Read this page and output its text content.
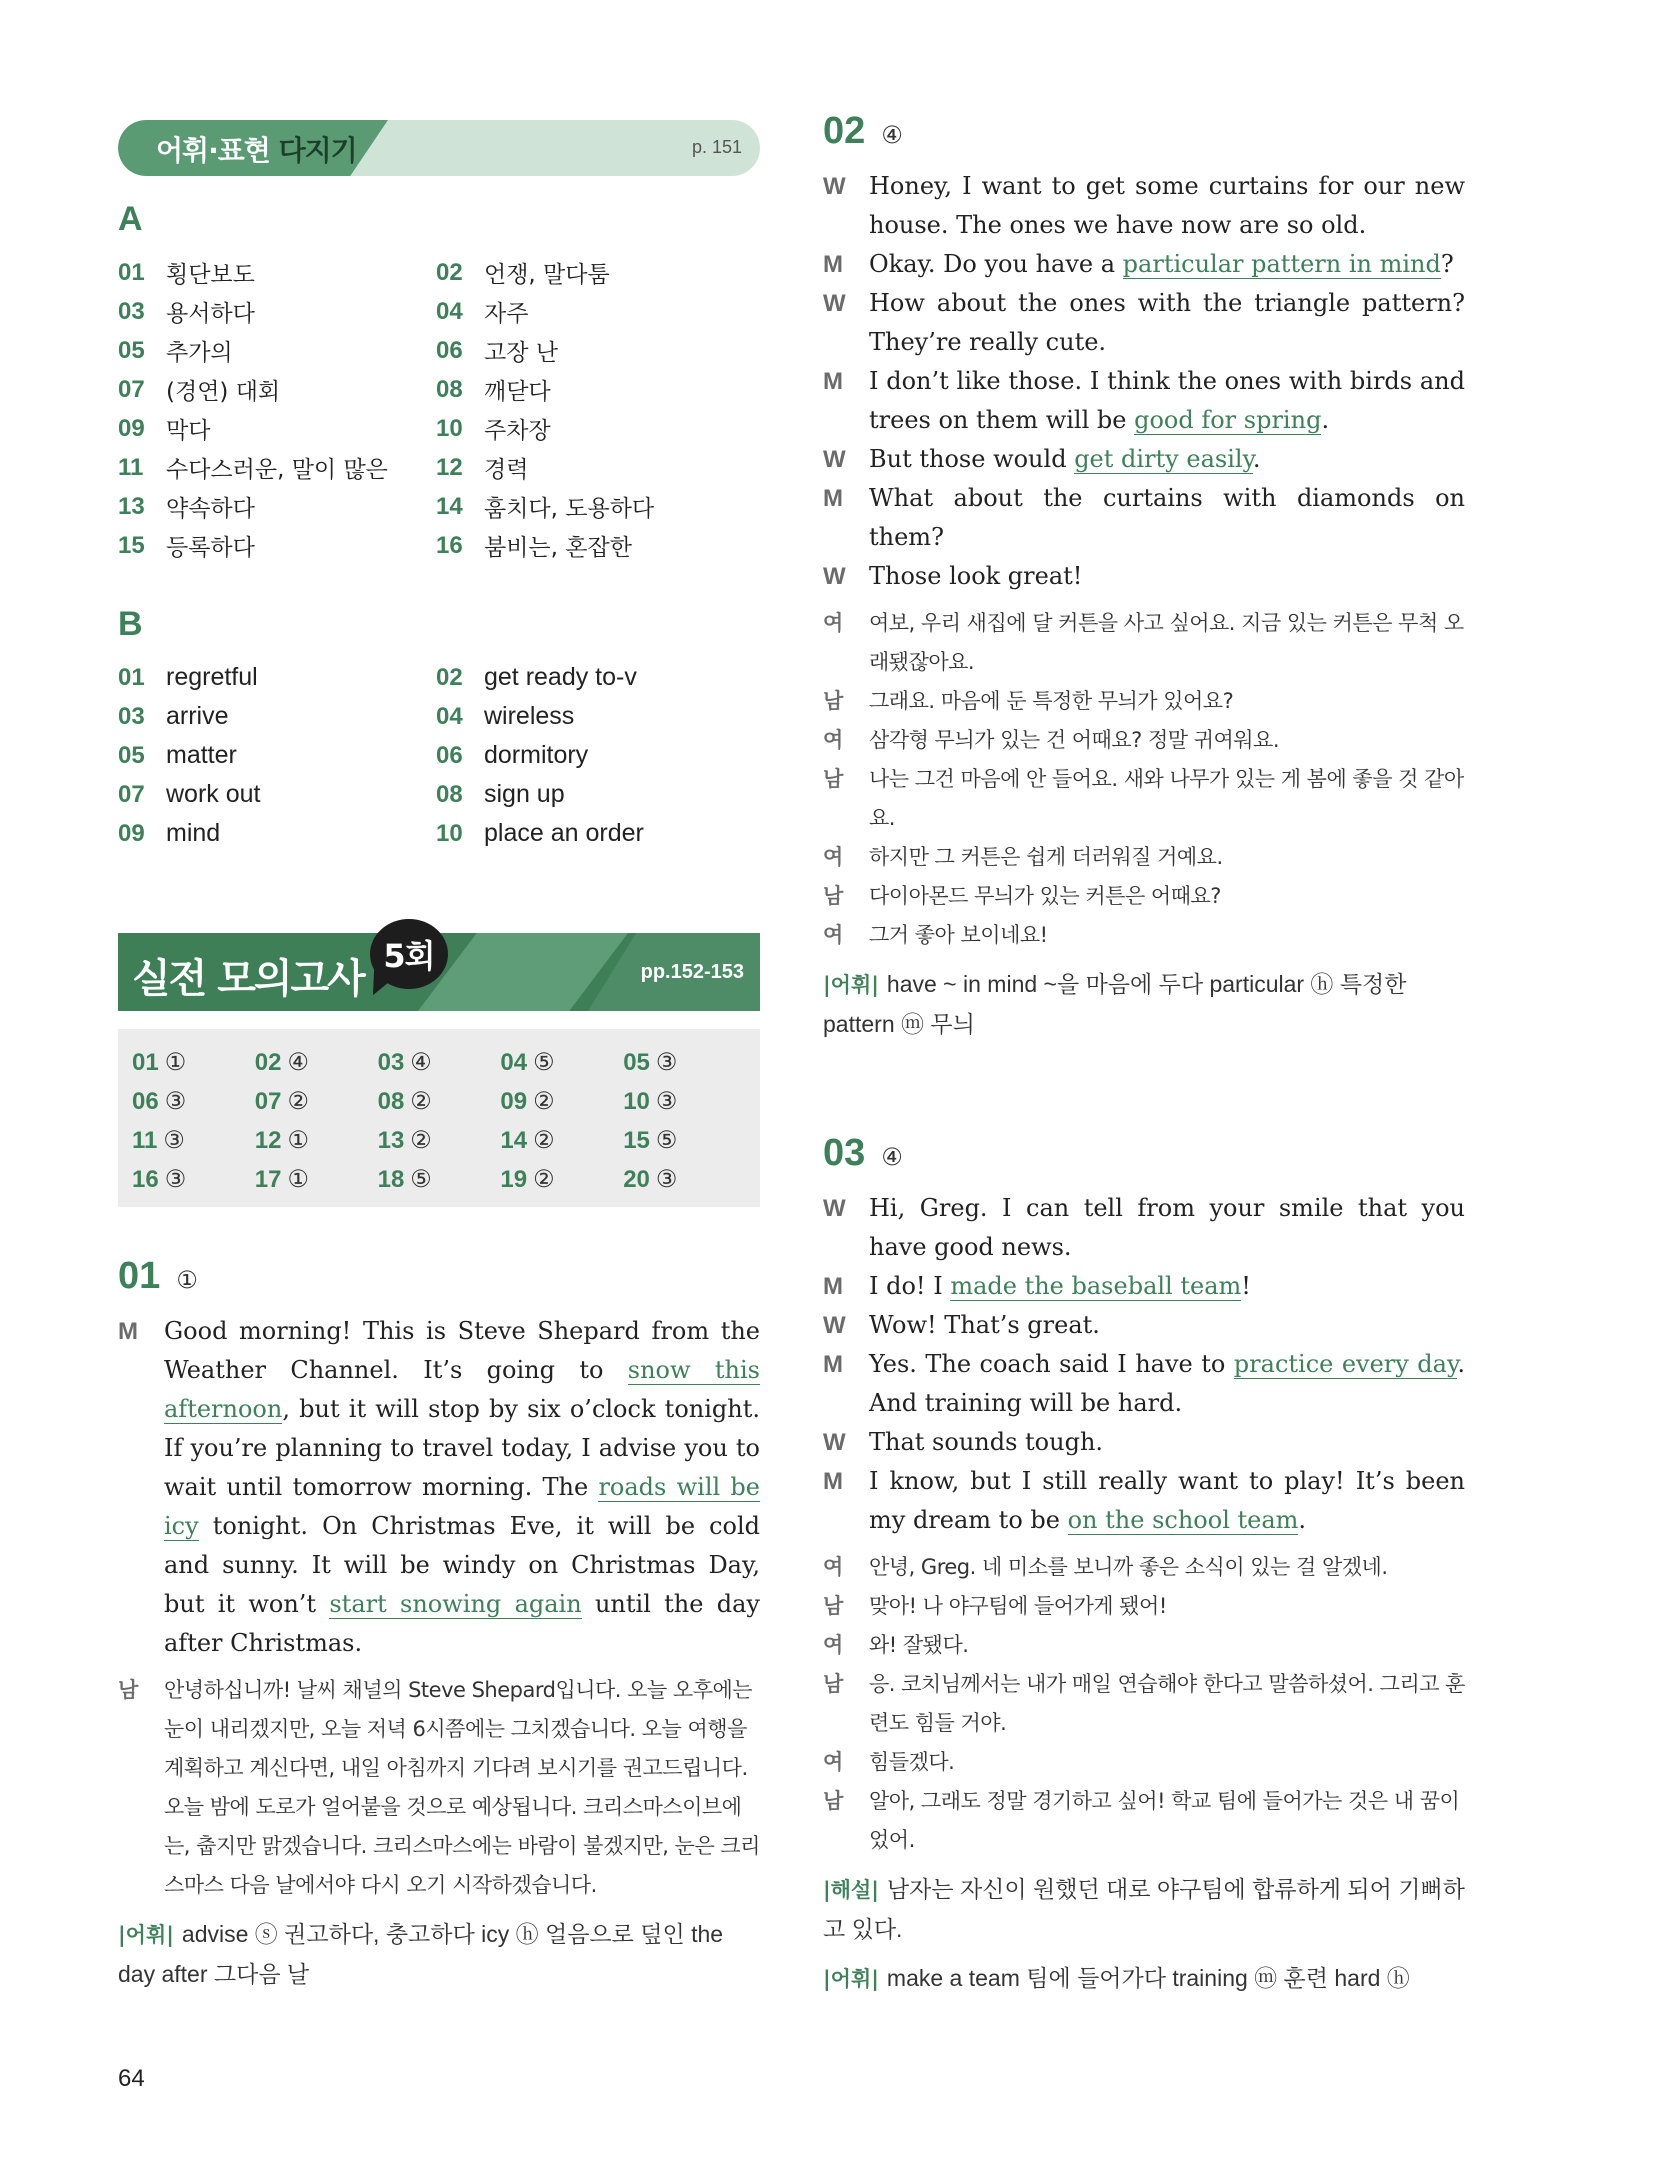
어휘·표현 다지기	p. 151
A
01 횡단보도	02 언쟁, 말다툼
03 용서하다	04 자주
05 추가의	06 고장 난
07 (경연) 대회	08 깨닫다
09 막다	10 주차장
11 수다스러운, 말이 많은 12 경력
13 약속하다	14 훔치다, 도용하다
15 등록하다	16 붐비는, 혼잡한
B
01 regretful	02 get ready to-v
03 arrive	04 wireless
05 matter	06 dormitory
07 work out	08 sign up
09 mind	10 place an order
실전 모의고사 5회	pp.152-153
01 ①	02 ④	03 ④	04 ⑤	05 ③
06 ③	07 ②	08 ②	09 ②	10 ③
11 ③	12 ①	13 ②	14 ②	15 ⑤
16 ③	17 ①	18 ⑤	19 ②	20 ③
01 ①
M	Good morning! This is Steve Shepard from the Weather Channel. It’s going to snow this afternoon, but it will stop by six o’clock tonight. If you’re planning to travel today, I advise you to wait until tomorrow morning. The roads will be icy tonight. On Christmas Eve, it will be cold and sunny. It will be windy on Christmas Day, but it won’t start snowing again until the day after Christmas.
남	안녕하십니까! 날씨 채널의 Steve Shepard입니다. 오늘 오후에는 눈이 내리겠지만, 오늘 저녁 6시쯤에는 그치겠습니다. 오늘 여행을 계획하고 계신다면, 내일 아침까지 기다려 보시기를 권고드립니다. 오늘 밤에 도로가 얼어붙을 것으로 예상됩니다. 크리스마스이브에는, 춥지만 맑겠습니다. 크리스마스에는 바람이 불겠지만, 눈은 크리스마스 다음 날에서야 다시 오기 시작하겠습니다.
|어휘| advise ⓢ 권고하다, 충고하다 icy ⓗ 얼음으로 덮인 the day after 그다음 날
02 ④
W Honey, I want to get some curtains for our new house. The ones we have now are so old.
M	Okay. Do you have a particular pattern in mind?
W How about the ones with the triangle pattern? They’re really cute.
M	I don’t like those. I think the ones with birds and trees on them will be good for spring.
W But those would get dirty easily.
M	What about the curtains with diamonds on them?
W Those look great!
여	여보, 우리 새집에 달 커튼을 사고 싶어요. 지금 있는 커튼은 무척 오래됐잖아요.
남	그래요. 마음에 둔 특정한 무늬가 있어요?
여	삼각형 무늬가 있는 건 어때요? 정말 귀여워요.
남	나는 그건 마음에 안 들어요. 새와 나무가 있는 게 봄에 좋을 것 같아요.
여	하지만 그 커튼은 쉽게 더러워질 거예요.
남	다이아몬드 무늬가 있는 커튼은 어때요?
여	그거 좋아 보이네요!
|어휘| have ~ in mind ~을 마음에 두다 particular ⓗ 특정한 pattern ⓜ 무늬
03 ④
W Hi, Greg. I can tell from your smile that you have good news.
M	I do! I made the baseball team!
W Wow! That’s great.
M	Yes. The coach said I have to practice every day. And training will be hard.
W That sounds tough.
M	I know, but I still really want to play! It’s been my dream to be on the school team.
여	안녕, Greg. 네 미소를 보니까 좋은 소식이 있는 걸 알겠네.
남	맞아! 나 야구팀에 들어가게 됐어!
여	와! 잘됐다.
남	응. 코치님께서는 내가 매일 연습해야 한다고 말씀하셨어. 그리고 훈련도 힘들 거야.
여	힘들겠다.
남	알아, 그래도 정말 경기하고 싶어! 학교 팀에 들어가는 것은 내 꿈이었어.
|해설| 남자는 자신이 원했던 대로 야구팀에 합류하게 되어 기뻐하고 있다.
|어휘| make a team 팀에 들어가다 training ⓜ 훈련 hard ⓗ
64
